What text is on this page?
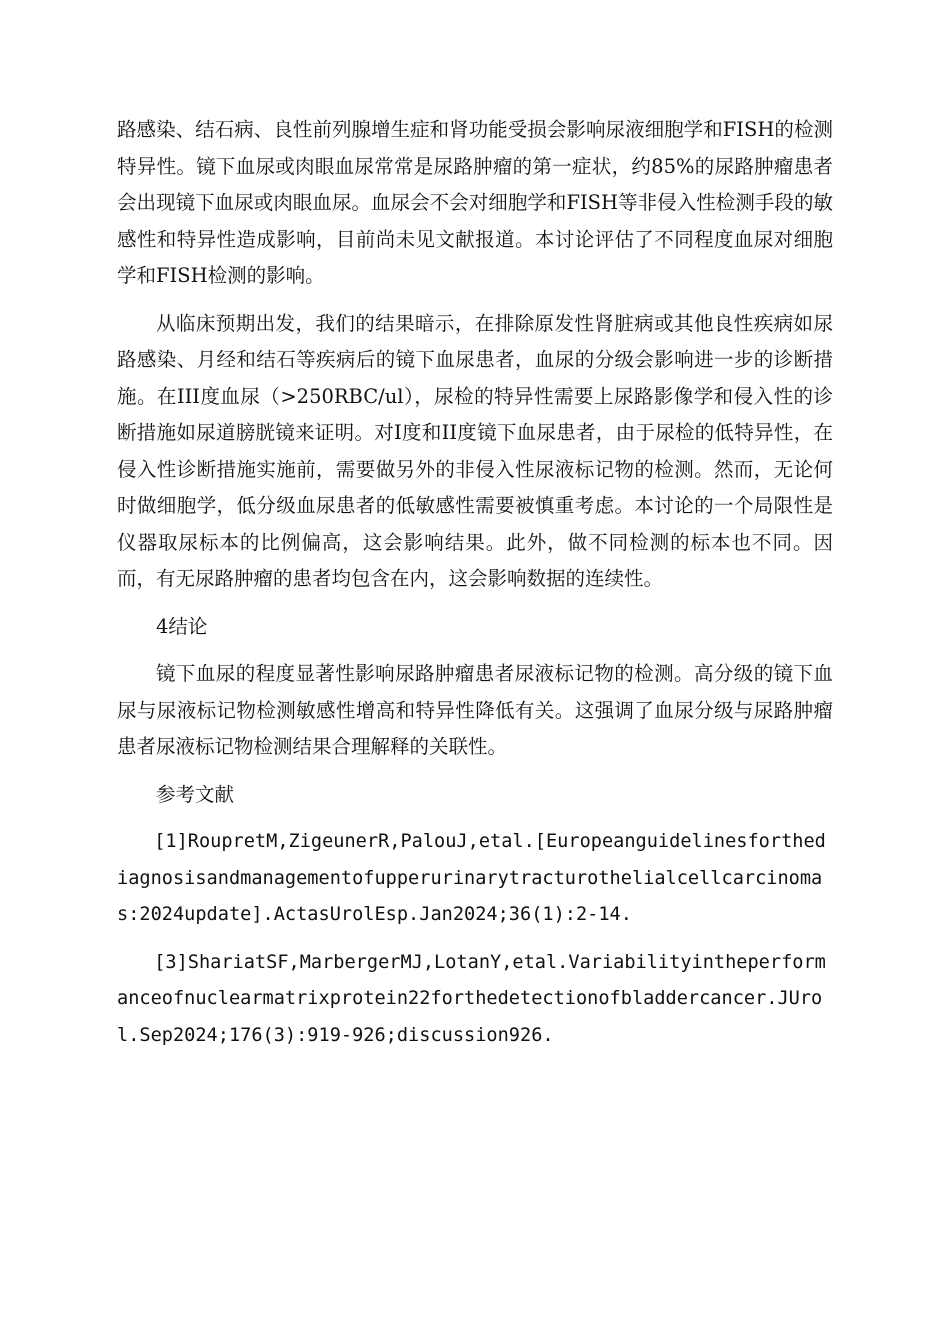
路感染、结石病、良性前列腺增生症和肾功能受损会影响尿液细胞学和FISH的检测特异性。镜下血尿或肉眼血尿常常是尿路肿瘤的第一症状，约85%的尿路肿瘤患者会出现镜下血尿或肉眼血尿。血尿会不会对细胞学和FISH等非侵入性检测手段的敏感性和特异性造成影响，目前尚未见文献报道。本讨论评估了不同程度血尿对细胞学和FISH检测的影响。

从临床预期出发，我们的结果暗示，在排除原发性肾脏病或其他良性疾病如尿路感染、月经和结石等疾病后的镜下血尿患者，血尿的分级会影响进一步的诊断措施。在III度血尿（>250RBC/ul），尿检的特异性需要上尿路影像学和侵入性的诊断措施如尿道膀胱镜来证明。对I度和II度镜下血尿患者，由于尿检的低特异性，在侵入性诊断措施实施前，需要做另外的非侵入性尿液标记物的检测。然而，无论何时做细胞学，低分级血尿患者的低敏感性需要被慎重考虑。本讨论的一个局限性是仪器取尿标本的比例偏高，这会影响结果。此外，做不同检测的标本也不同。因而，有无尿路肿瘤的患者均包含在内，这会影响数据的连续性。

4结论

镜下血尿的程度显著性影响尿路肿瘤患者尿液标记物的检测。高分级的镜下血尿与尿液标记物检测敏感性增高和特异性降低有关。这强调了血尿分级与尿路肿瘤患者尿液标记物检测结果合理解释的关联性。

参考文献

[1]RoupretM,ZigeunerR,PalouJ,etal.[Europeanguidelinesforthediagnosisandmanagementofupperurinarytracturothelialcellcarcinomas:2024update].ActasUrolEsp.Jan2024;36(1):2-14.

[3]ShariatSF,MarbergerMJ,LotanY,etal.Variabilityintheperformanceofnuclearmatrixprotein22forthedetectionofbladdercancer.JUrol.Sep2024;176(3):919-926;discussion926.
